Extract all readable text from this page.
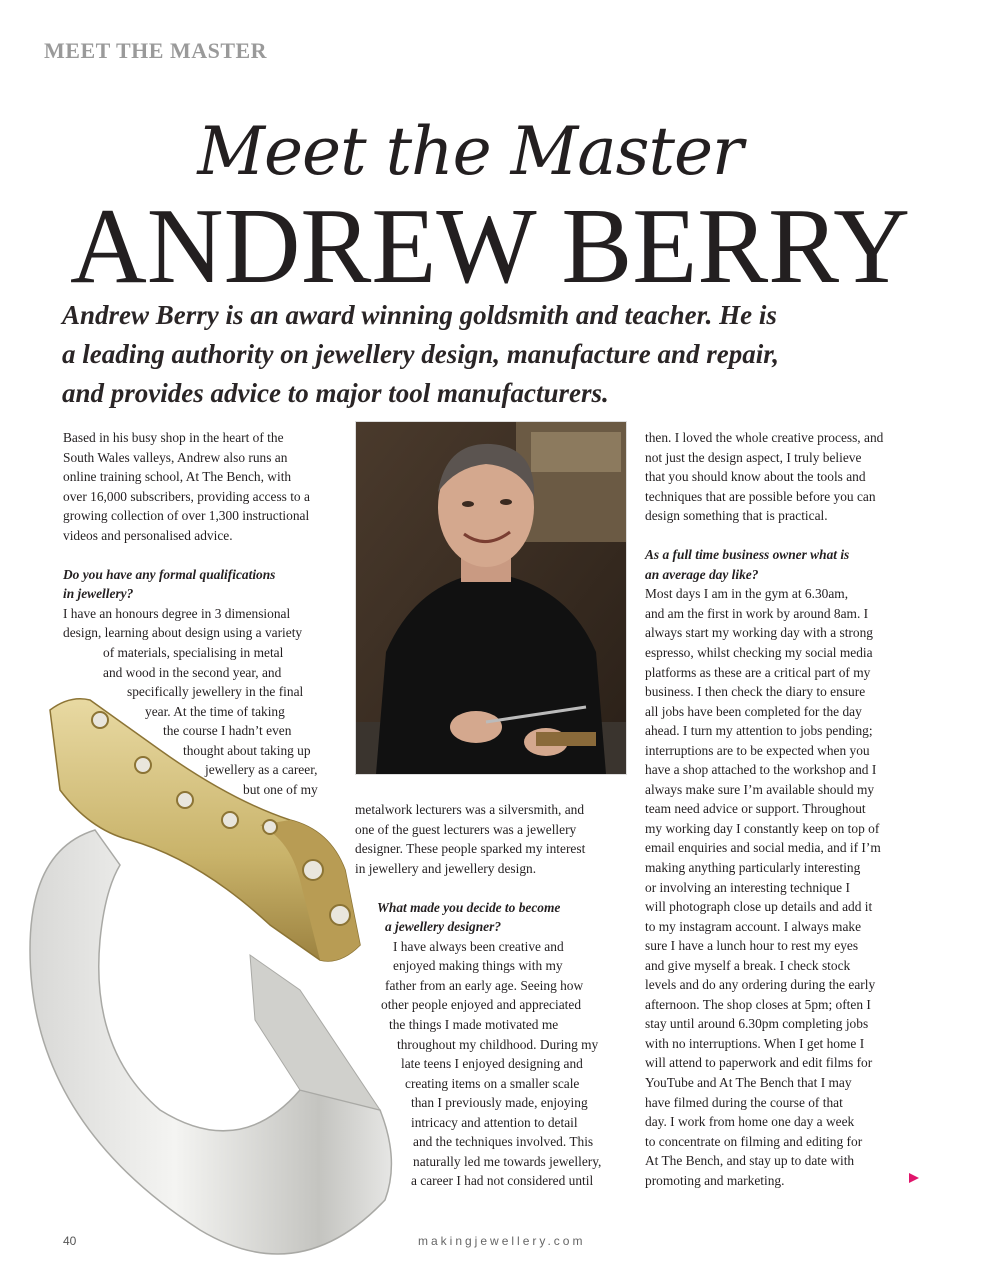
MEET THE MASTER
Meet the Master
ANDREW BERRY
Andrew Berry is an award winning goldsmith and teacher. He is
a leading authority on jewellery design, manufacture and repair,
and provides advice to major tool manufacturers.

Based in his busy shop in the heart of the
South Wales valleys, Andrew also runs an
online training school, At The Bench, with
over 16,000 subscribers, providing access to a
growing collection of over 1,300 instructional
videos and personalised advice.

Do you have any formal qualifications
in jewellery?

I have an honours degree in 3 dimensional
design, learning about design using a variety
of materials, specialising in metal
and wood in the second year, and
specifically jewellery in the final
year. At the time of taking
the course I hadn’t even
thought about taking up
jewellery as a career,
but one of my

metalwork lecturers was a silversmith, and
one of the guest lecturers was a jewellery
designer. These people sparked my interest
in jewellery and jewellery design.

What made you decide to become
a jewellery designer?

I have always been creative and
enjoyed making things with my
father from an early age. Seeing how
other people enjoyed and appreciated
the things I made motivated me
throughout my childhood. During my
late teens I enjoyed designing and
creating items on a smaller scale
than I previously made, enjoying
intricacy and attention to detail
and the techniques involved. This
naturally led me towards jewellery,
a career I had not considered until

then. I loved the whole creative process, and
not just the design aspect, I truly believe
that you should know about the tools and
techniques that are possible before you can
design something that is practical.

As a full time business owner what is
an average day like?

Most days I am in the gym at 6.30am,
and am the first in work by around 8am. I
always start my working day with a strong
espresso, whilst checking my social media
platforms as these are a critical part of my
business. I then check the diary to ensure
all jobs have been completed for the day
ahead. I turn my attention to jobs pending;
interruptions are to be expected when you
have a shop attached to the workshop and I
always make sure I’m available should my
team need advice or support. Throughout
my working day I constantly keep on top of
email enquiries and social media, and if I’m
making anything particularly interesting
or involving an interesting technique I
will photograph close up details and add it
to my instagram account. I always make
sure I have a lunch hour to rest my eyes
and give myself a break. I check stock
levels and do any ordering during the early
afternoon. The shop closes at 5pm; often I
stay until around 6.30pm completing jobs
with no interruptions. When I get home I
will attend to paperwork and edit films for
YouTube and At The Bench that I may
have filmed during the course of that
day. I work from home one day a week
to concentrate on filming and editing for
At The Bench, and stay up to date with
promoting and marketing.

40	makingjewellery.com
